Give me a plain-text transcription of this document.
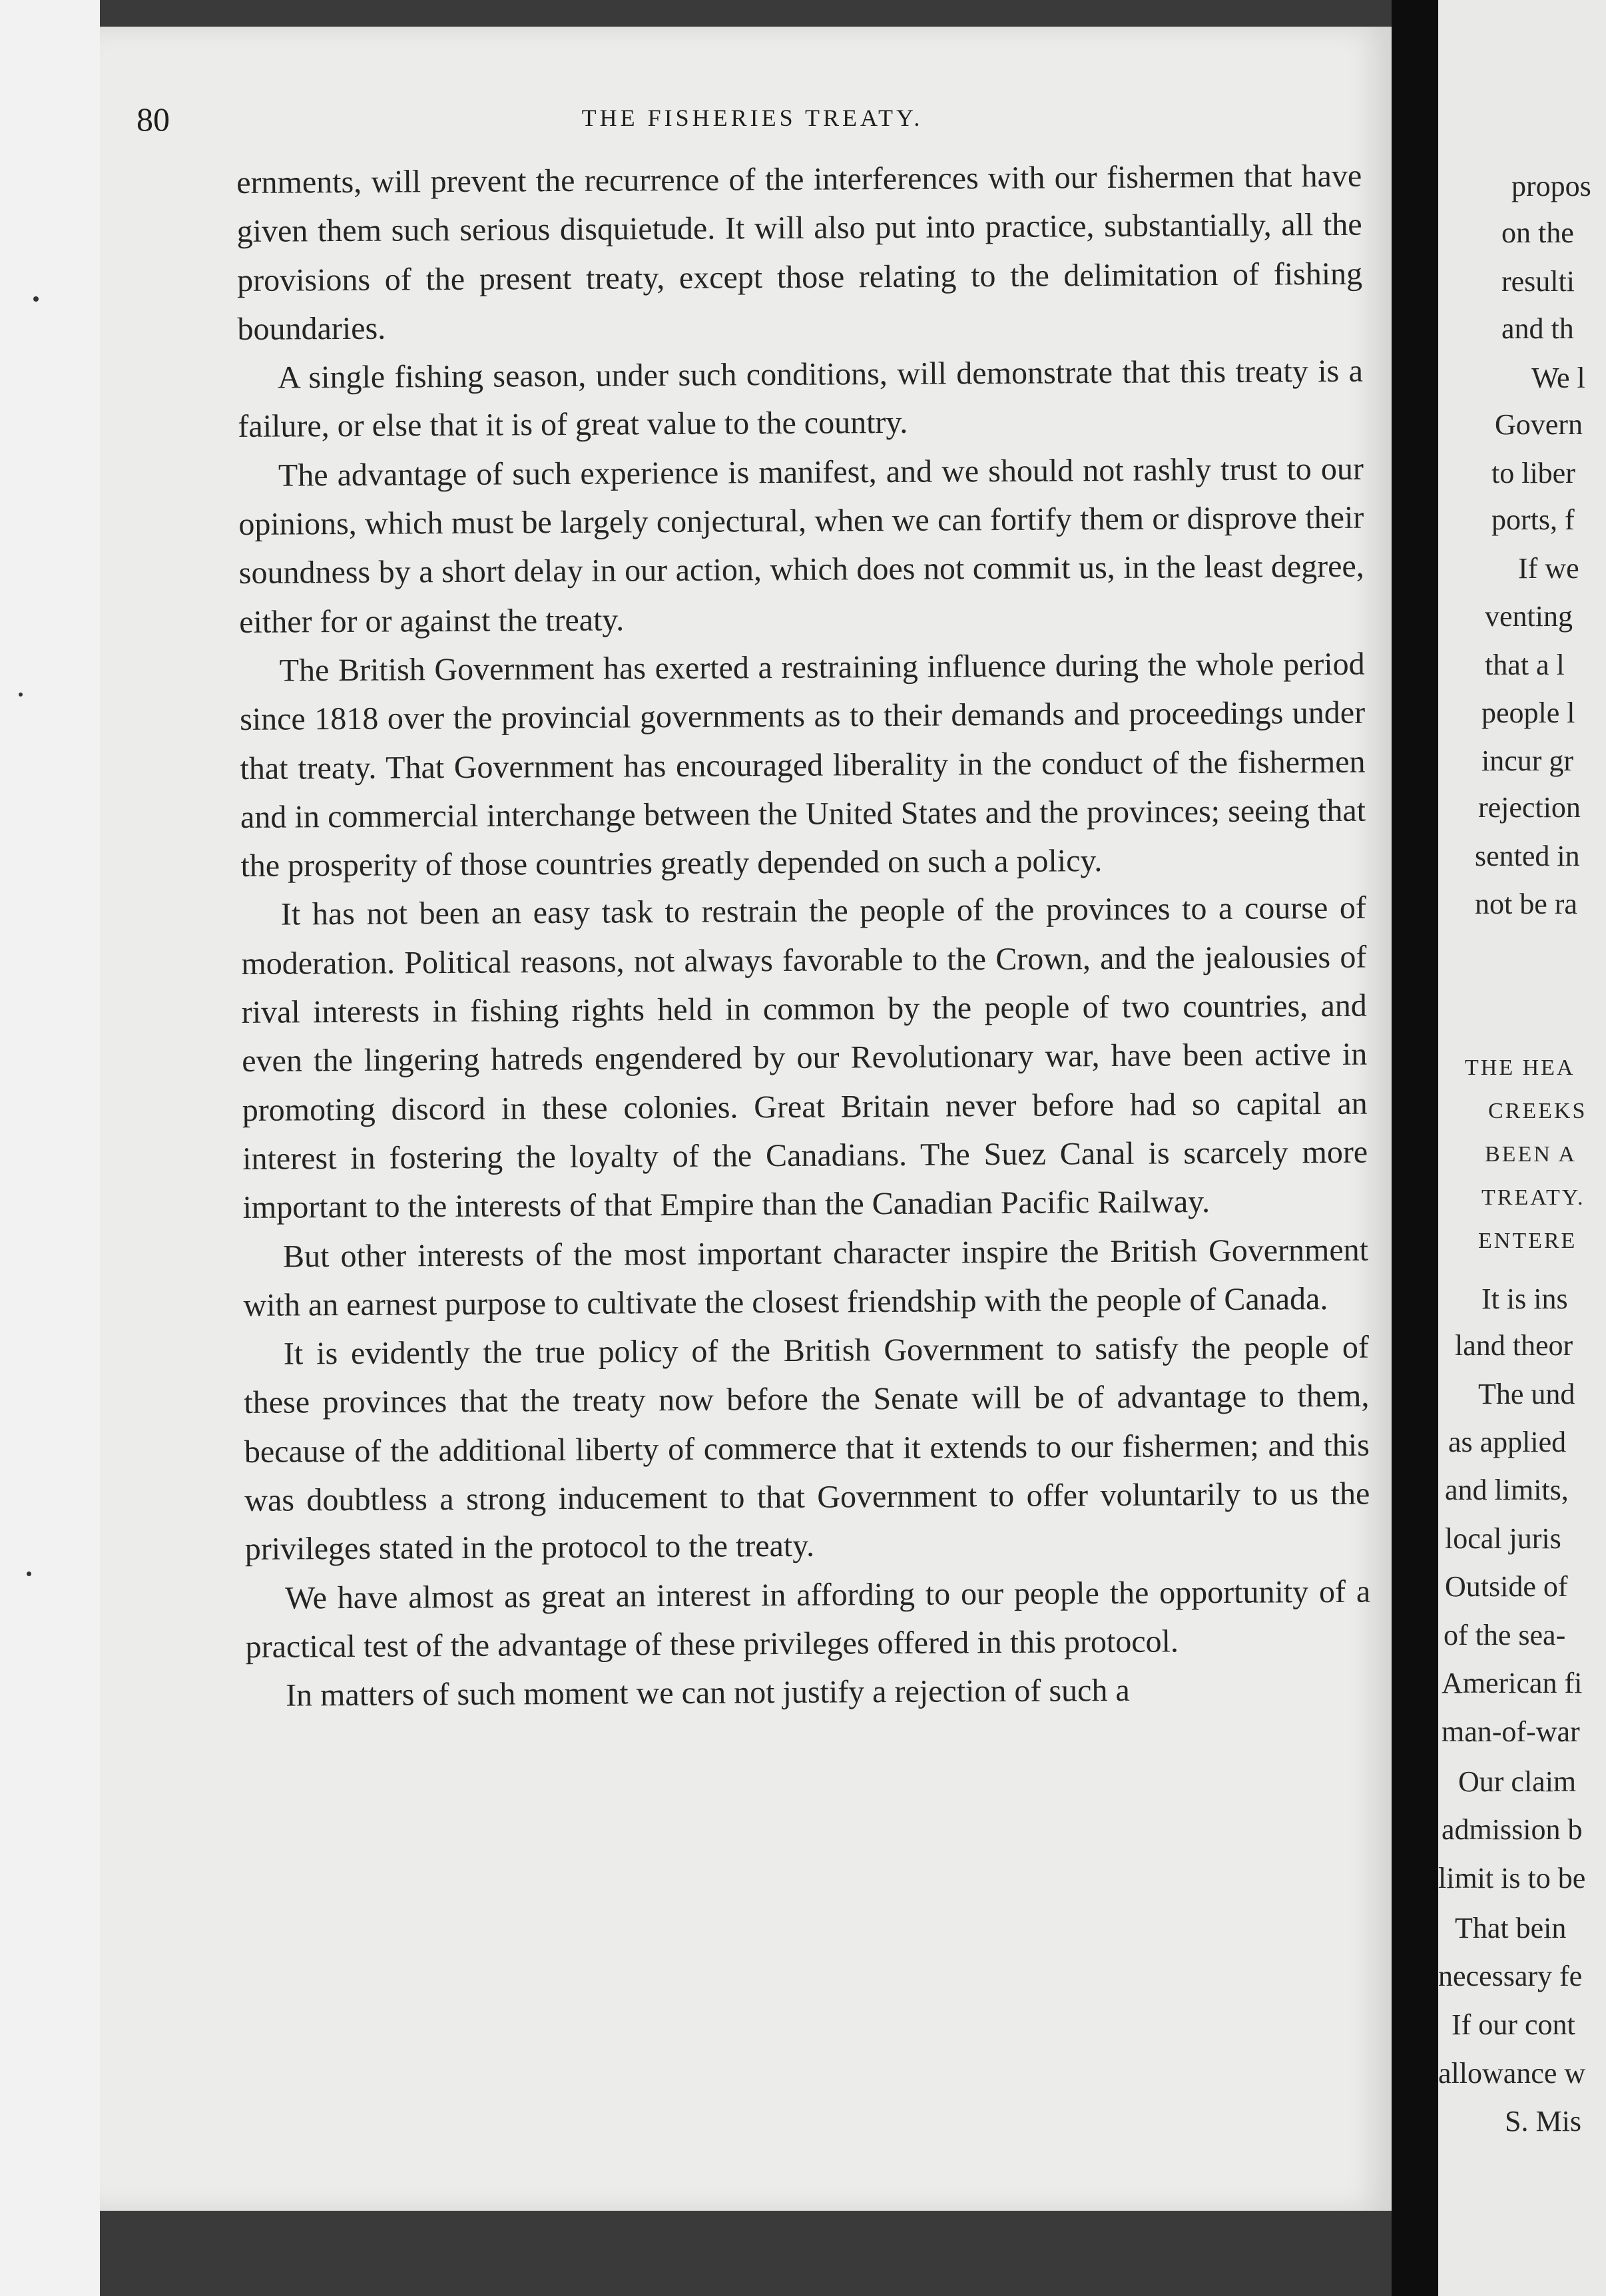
propos
on the
resulti
and th
We l
Govern
to liber
ports, f
If we
venting
that a l
people l
incur gr
rejection
sented in
not be ra
THE HEA
CREEKS
BEEN A
TREATY.
ENTERE
It is ins
land theor
The und
as applied
and limits,
local juris
Outside of
of the sea-
American fi
man-of-war
Our claim
admission b
limit is to be
That bein
necessary fe
If our cont
allowance w
S. Mis
80	THE FISHERIES TREATY.

ernments, will prevent the recurrence of the interferences with our fishermen that have given them such serious disquietude. It will also put into practice, substantially, all the provisions of the present treaty, except those relating to the delimitation of fishing boundaries.

A single fishing season, under such conditions, will demonstrate that this treaty is a failure, or else that it is of great value to the country.

The advantage of such experience is manifest, and we should not rashly trust to our opinions, which must be largely conjectural, when we can fortify them or disprove their soundness by a short delay in our action, which does not commit us, in the least degree, either for or against the treaty.

The British Government has exerted a restraining influence during the whole period since 1818 over the provincial governments as to their demands and proceedings under that treaty. That Government has encouraged liberality in the conduct of the fishermen and in commercial interchange between the United States and the provinces; seeing that the prosperity of those countries greatly depended on such a policy.

It has not been an easy task to restrain the people of the provinces to a course of moderation. Political reasons, not always favorable to the Crown, and the jealousies of rival interests in fishing rights held in common by the people of two countries, and even the lingering hatreds engendered by our Revolutionary war, have been active in promoting discord in these colonies. Great Britain never before had so capital an interest in fostering the loyalty of the Canadians. The Suez Canal is scarcely more important to the interests of that Empire than the Canadian Pacific Railway.

But other interests of the most important character inspire the British Government with an earnest purpose to cultivate the closest friendship with the people of Canada.

It is evidently the true policy of the British Government to satisfy the people of these provinces that the treaty now before the Senate will be of advantage to them, because of the additional liberty of commerce that it extends to our fishermen; and this was doubtless a strong inducement to that Government to offer voluntarily to us the privileges stated in the protocol to the treaty.

We have almost as great an interest in affording to our people the opportunity of a practical test of the advantage of these privileges offered in this protocol.

In matters of such moment we can not justify a rejection of such a
